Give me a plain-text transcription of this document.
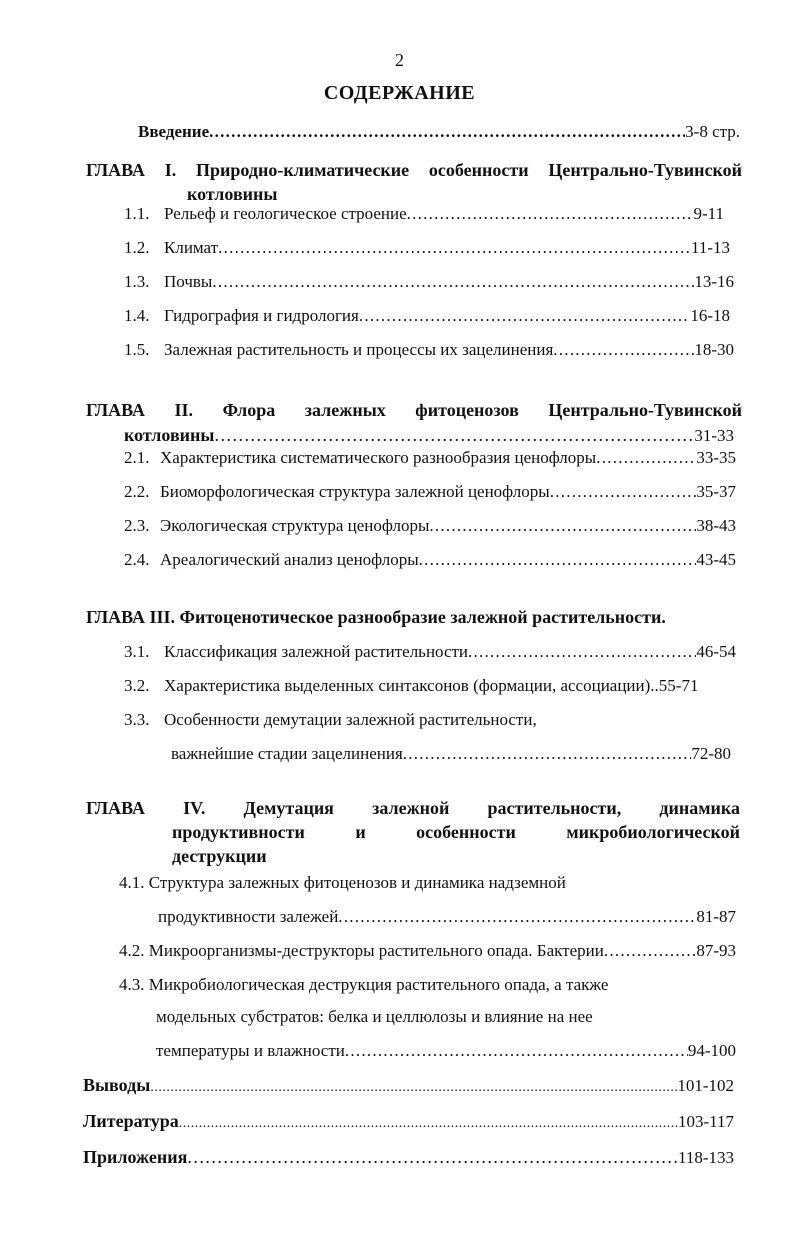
2
СОДЕРЖАНИЕ
Введение . . .	3-8 стр.
ГЛАВА I. Природно-климатические особенности Центрально-Тувинской
котловины
1.1. Рельеф и геологическое строение . . .	9-11
1.2. Климат . . .	11-13
1.3. Почвы . . .	13-16
1.4. Гидрография и гидрология . . .	16-18
1.5. Залежная растительность и процессы их зацелинения . . .	18-30
ГЛАВА II. Флора залежных фитоценозов Центрально-Тувинской
котловины . . .	31-33
2.1. Характеристика систематического разнообразия ценофлоры . . .	33-35
2.2. Биоморфологическая структура залежной ценофлоры . . .	35-37
2.3. Экологическая структура ценофлоры . . .	38-43
2.4. Ареалогический анализ ценофлоры . . .	43-45
ГЛАВА III. Фитоценотическое разнообразие залежной растительности.
3.1. Классификация залежной растительности . . .	46-54
3.2. Характеристика выделенных синтаксонов (формации, ассоциации).. 55-71
3.3. Особенности демутации залежной растительности,
важнейшие стадии зацелинения . . .	72-80
ГЛАВА IV. Демутация залежной растительности, динамика
продуктивности и особенности микробиологической
деструкции
4.1. Структура залежных фитоценозов и динамика надземной
продуктивности залежей . . .	81-87
4.2. Микроорганизмы-деструкторы растительного опада. Бактерии . . .	87-93
4.3. Микробиологическая деструкция растительного опада, а также
модельных субстратов: белка и целлюлозы и влияние на нее
температуры и влажности . . .	94-100
Выводы . . .	101-102
Литература . . .	103-117
Приложения . . .	118-133
